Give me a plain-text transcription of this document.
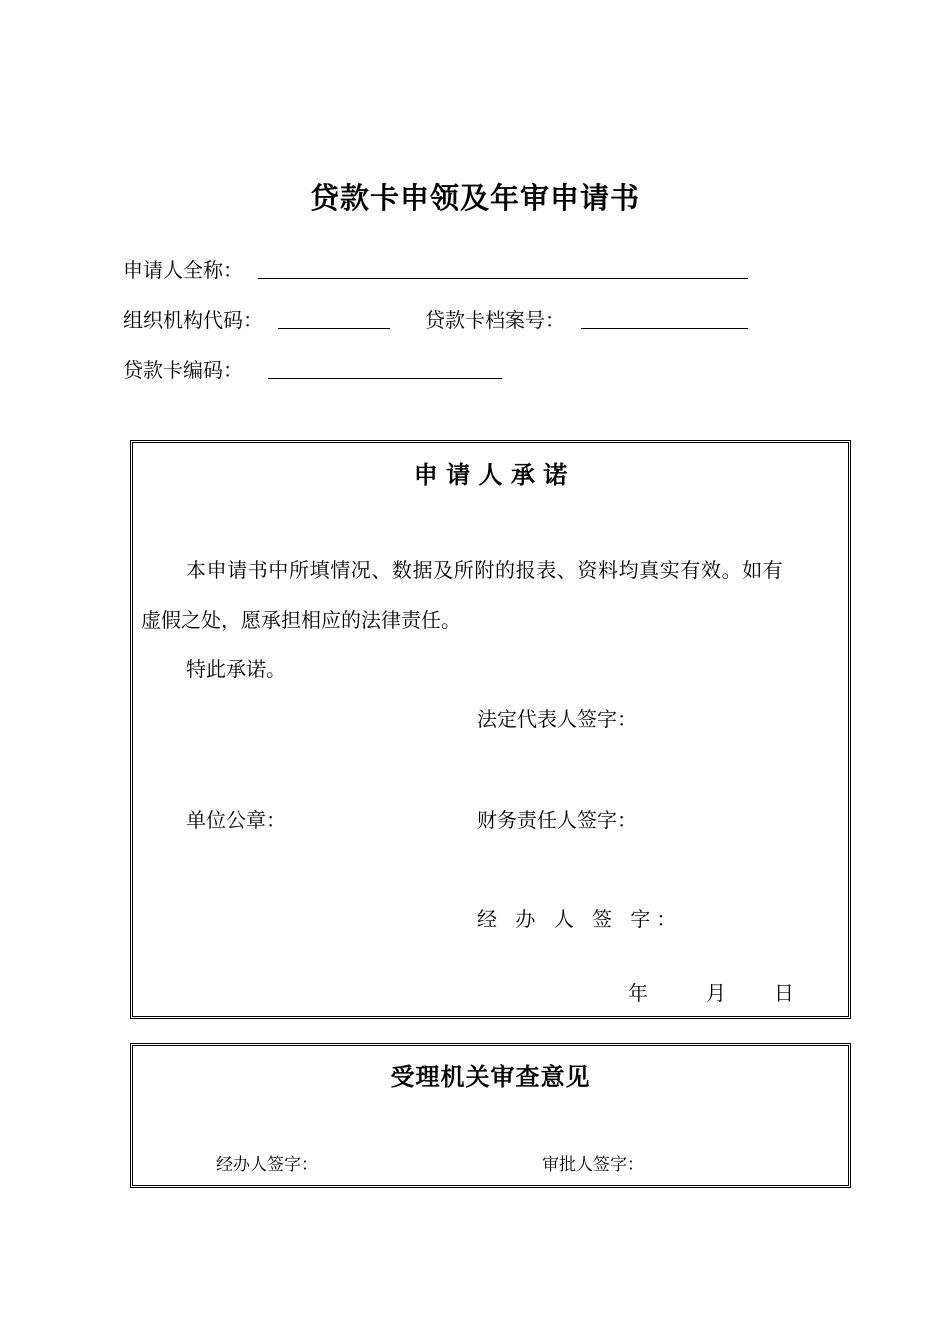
贷款卡申领及年审申请书
申请人全称：
组织机构代码：	贷款卡档案号：
贷款卡编码：
申 请 人 承 诺
本申请书中所填情况、数据及所附的报表、资料均真实有效。如有
虚假之处，愿承担相应的法律责任。
特此承诺。
法定代表人签字：
单位公章：	财务责任人签字：
经 办 人 签 字：
年	月 日
受理机关审查意见
经办人签字：	审批人签字：
